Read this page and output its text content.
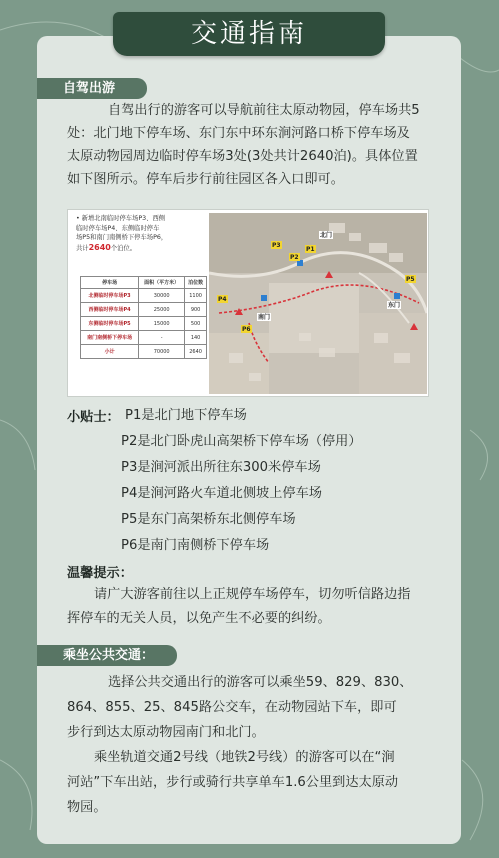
交通指南
自驾出游
自驾出行的游客可以导航前往太原动物园，停车场共5
处：北门地下停车场、东门东中环东涧河路口桥下停车场及
太原动物园周边临时停车场3处(3处共计2640泊)。具体位置
如下图所示。停车后步行前往园区各入口即可。
• 新增北南临时停车场P3、西侧
临时停车场P4、东侧临时停车
场P5和南门南侧桥下停车场P6，
共计2640个泊位。
停车场	面积（平方米）	泊位数
北侧临时停车场P3	30000	1100
西侧临时停车场P4	25000	900
东侧临时停车场P5	15000	500
南门南侧桥下停车场	-	140
小计	70000	2640
P3
P2
P4
P1
P5
P6
东门
北门
南门
小贴士： P1是北门地下停车场
P2是北门卧虎山高架桥下停车场（停用）
P3是涧河派出所往东300米停车场
P4是涧河路火车道北侧坡上停车场
P5是东门高架桥东北侧停车场
P6是南门南侧桥下停车场
温馨提示：
请广大游客前往以上正规停车场停车，切勿听信路边指
挥停车的无关人员，以免产生不必要的纠纷。
乘坐公共交通：
选择公共交通出行的游客可以乘坐59、829、830、
864、855、25、845路公交车，在动物园站下车，即可
步行到达太原动物园南门和北门。
乘坐轨道交通2号线（地铁2号线）的游客可以在“涧
河站”下车出站，步行或骑行共享单车1.6公里到达太原动
物园。
